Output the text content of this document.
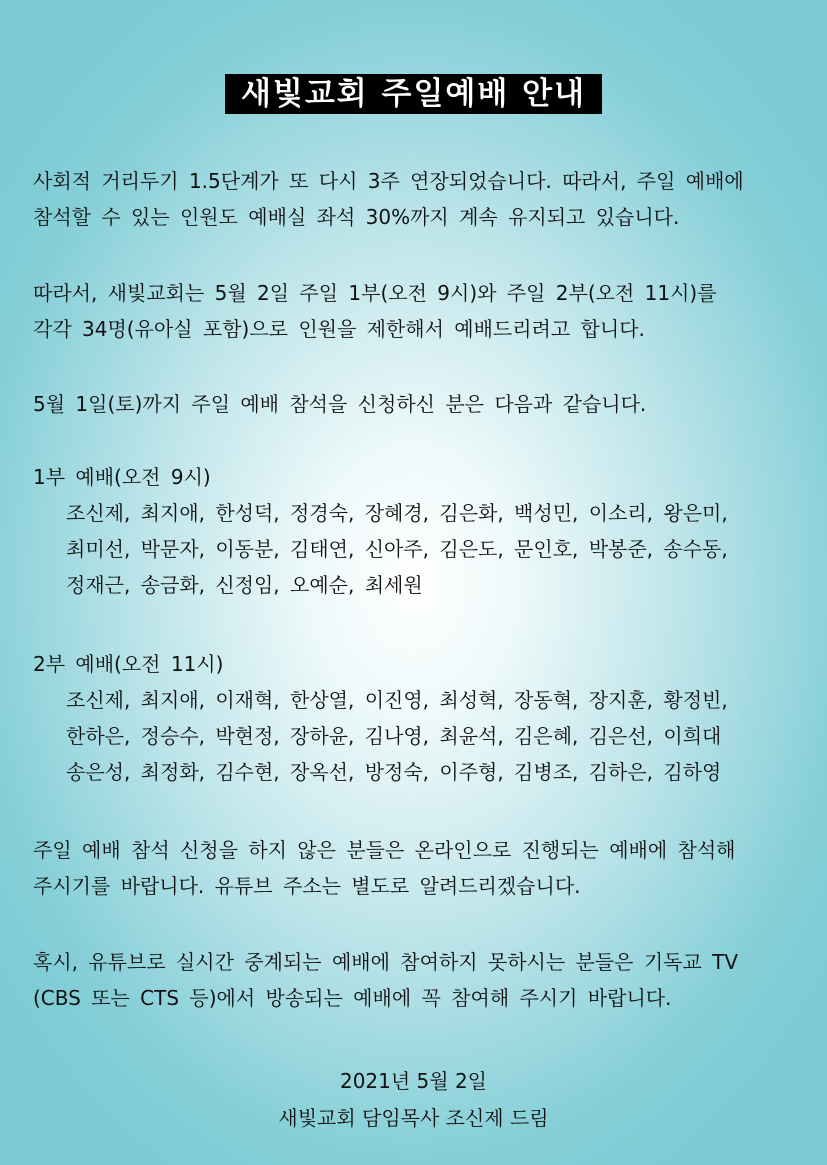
새빛교회 주일예배 안내
사회적 거리두기 1.5단계가 또 다시 3주 연장되었습니다. 따라서, 주일 예배에
참석할 수 있는 인원도 예배실 좌석 30%까지 계속 유지되고 있습니다.
따라서, 새빛교회는 5월 2일 주일 1부(오전 9시)와 주일 2부(오전 11시)를
각각 34명(유아실 포함)으로 인원을 제한해서 예배드리려고 합니다.
5월 1일(토)까지 주일 예배 참석을 신청하신 분은 다음과 같습니다.
1부 예배(오전 9시)
조신제, 최지애, 한성덕, 정경숙, 장혜경, 김은화, 백성민, 이소리, 왕은미,
최미선, 박문자, 이동분, 김태연, 신아주, 김은도, 문인호, 박봉준, 송수동,
정재근, 송금화, 신정임, 오예순, 최세원
2부 예배(오전 11시)
조신제, 최지애, 이재혁, 한상열, 이진영, 최성혁, 장동혁, 장지훈, 황정빈,
한하은, 정승수, 박현정, 장하윤, 김나영, 최윤석, 김은혜, 김은선, 이희대
송은성, 최정화, 김수현, 장옥선, 방정숙, 이주형, 김병조, 김하은, 김하영
주일 예배 참석 신청을 하지 않은 분들은 온라인으로 진행되는 예배에 참석해
주시기를 바랍니다. 유튜브 주소는 별도로 알려드리겠습니다.
혹시, 유튜브로 실시간 중계되는 예배에 참여하지 못하시는 분들은 기독교 TV
(CBS 또는 CTS 등)에서 방송되는 예배에 꼭 참여해 주시기 바랍니다.
2021년 5월 2일
새빛교회 담임목사 조신제 드림
